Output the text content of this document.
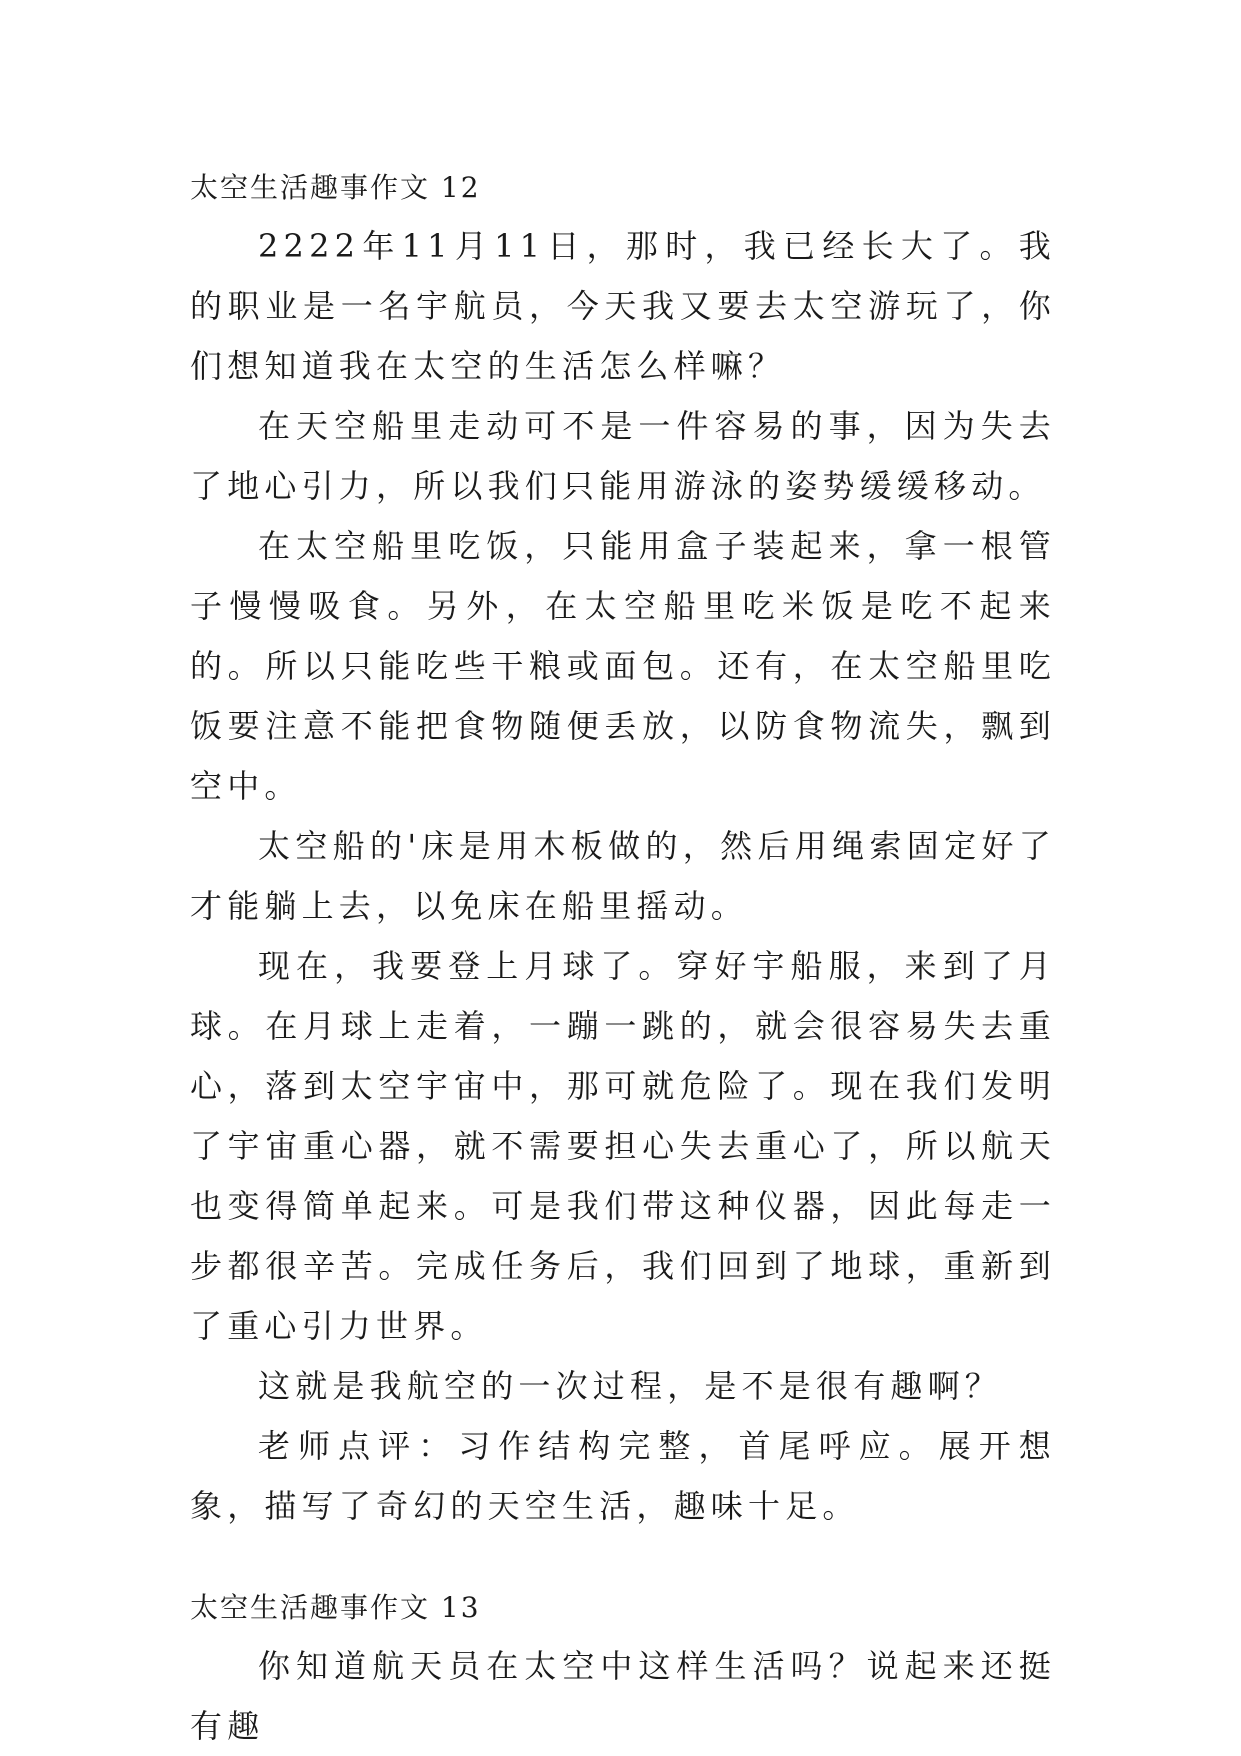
太空生活趣事作文 12

2222年11月11日，那时，我已经长大了。我的职业是一名宇航员，今天我又要去太空游玩了，你们想知道我在太空的生活怎么样嘛？

在天空船里走动可不是一件容易的事，因为失去了地心引力，所以我们只能用游泳的姿势缓缓移动。

在太空船里吃饭，只能用盒子装起来，拿一根管子慢慢吸食。另外，在太空船里吃米饭是吃不起来的。所以只能吃些干粮或面包。还有，在太空船里吃饭要注意不能把食物随便丢放，以防食物流失，飘到空中。

太空船的'床是用木板做的，然后用绳索固定好了才能躺上去，以免床在船里摇动。

现在，我要登上月球了。穿好宇船服，来到了月球。在月球上走着，一蹦一跳的，就会很容易失去重心，落到太空宇宙中，那可就危险了。现在我们发明了宇宙重心器，就不需要担心失去重心了，所以航天也变得简单起来。可是我们带这种仪器，因此每走一步都很辛苦。完成任务后，我们回到了地球，重新到了重心引力世界。

这就是我航空的一次过程，是不是很有趣啊？

老师点评：习作结构完整，首尾呼应。展开想象，描写了奇幻的天空生活，趣味十足。

太空生活趣事作文 13

你知道航天员在太空中这样生活吗？说起来还挺有趣
